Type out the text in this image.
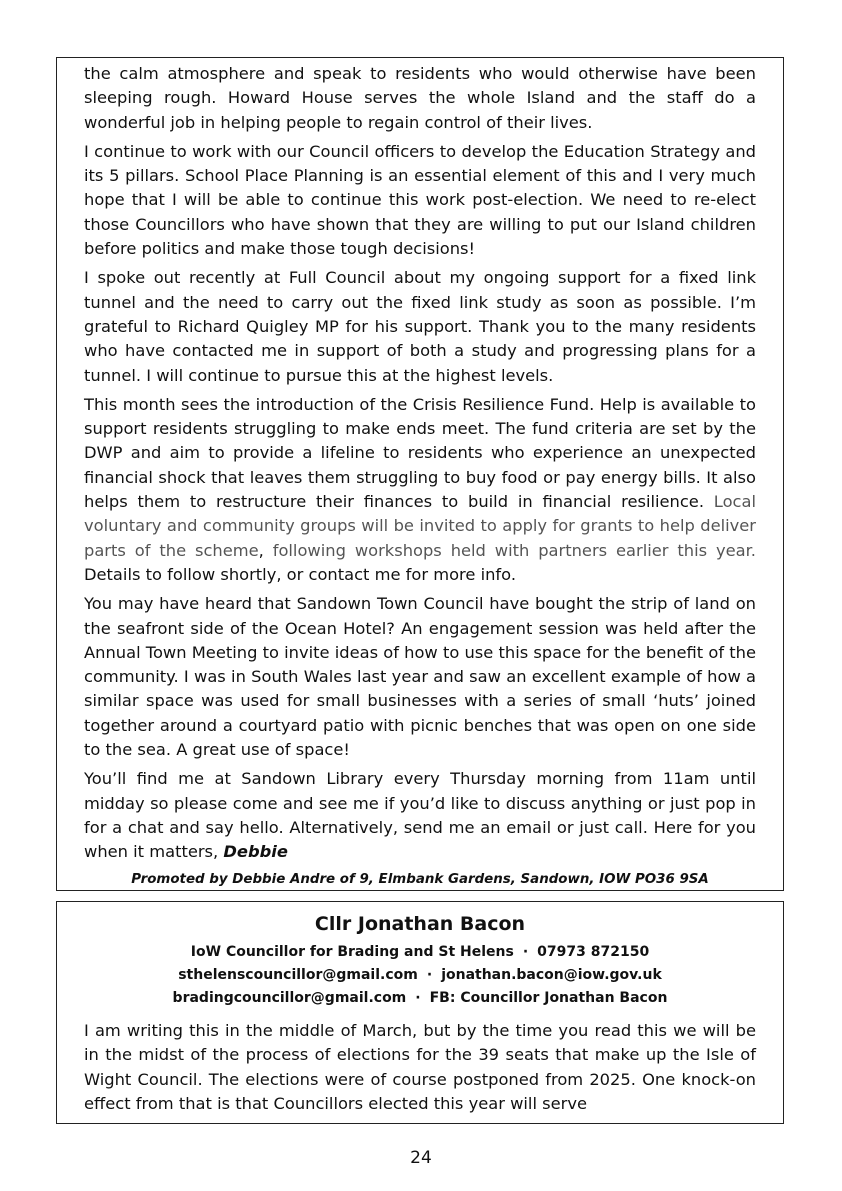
the calm atmosphere and speak to residents who would otherwise have been sleeping rough. Howard House serves the whole Island and the staff do a wonderful job in helping people to regain control of their lives.

I continue to work with our Council officers to develop the Education Strategy and its 5 pillars. School Place Planning is an essential element of this and I very much hope that I will be able to continue this work post-election. We need to re-elect those Councillors who have shown that they are willing to put our Island children before politics and make those tough decisions!

I spoke out recently at Full Council about my ongoing support for a fixed link tunnel and the need to carry out the fixed link study as soon as possible. I’m grateful to Richard Quigley MP for his support. Thank you to the many residents who have contacted me in support of both a study and progressing plans for a tunnel. I will continue to pursue this at the highest levels.

This month sees the introduction of the Crisis Resilience Fund. Help is available to support residents struggling to make ends meet. The fund criteria are set by the DWP and aim to provide a lifeline to residents who experience an unexpected financial shock that leaves them struggling to buy food or pay energy bills. It also helps them to restructure their finances to build in financial resilience. Local voluntary and community groups will be invited to apply for grants to help deliver parts of the scheme, following workshops held with partners earlier this year. Details to follow shortly, or contact me for more info.

You may have heard that Sandown Town Council have bought the strip of land on the seafront side of the Ocean Hotel? An engagement session was held after the Annual Town Meeting to invite ideas of how to use this space for the benefit of the community. I was in South Wales last year and saw an excellent example of how a similar space was used for small businesses with a series of small ‘huts’ joined together around a courtyard patio with picnic benches that was open on one side to the sea. A great use of space!

You’ll find me at Sandown Library every Thursday morning from 11am until midday so please come and see me if you’d like to discuss anything or just pop in for a chat and say hello. Alternatively, send me an email or just call. Here for you when it matters, Debbie

Promoted by Debbie Andre of 9, Elmbank Gardens, Sandown, IOW PO36 9SA

Cllr Jonathan Bacon

IoW Councillor for Brading and St Helens · 07973 872150

sthelenscouncillor@gmail.com · jonathan.bacon@iow.gov.uk

bradingcouncillor@gmail.com · FB: Councillor Jonathan Bacon

I am writing this in the middle of March, but by the time you read this we will be in the midst of the process of elections for the 39 seats that make up the Isle of Wight Council. The elections were of course postponed from 2025. One knock-on effect from that is that Councillors elected this year will serve

24
